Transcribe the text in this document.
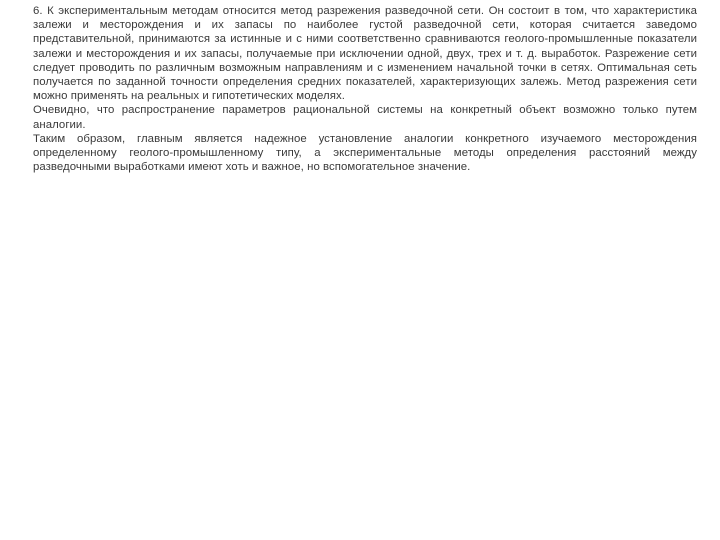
6. К экспериментальным методам относится метод разрежения разведочной сети. Он состоит в том, что характеристика залежи и месторождения и их запасы по наиболее густой разведочной сети, которая считается заведомо представительной, принимаются за истинные и с ними соответственно сравниваются геолого-промышленные показатели залежи и месторождения и их запасы, получаемые при исключении одной, двух, трех и т. д. выработок. Разрежение сети следует проводить по различным возможным направлениям и с изменением начальной точки в сетях. Оптимальная сеть получается по заданной точности определения средних показателей, характеризующих залежь. Метод разрежения сети можно применять на реальных и гипотетических моделях.

Очевидно, что распространение параметров рациональной системы на конкретный объект возможно только путем аналогии.

Таким образом, главным является надежное установление аналогии конкретного изучаемого месторождения определенному геолого-промышленному типу, а экспериментальные методы определения расстояний между разведочными выработками имеют хоть и важное, но вспомогательное значение.
